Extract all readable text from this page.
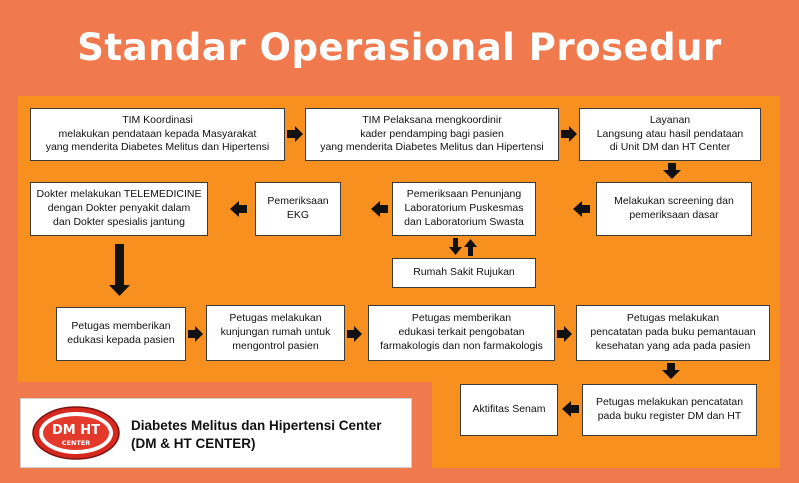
Standar Operasional Prosedur
TIM Koordinasi
melakukan pendataan kepada Masyarakat
yang menderita Diabetes Melitus dan Hipertensi
TIM Pelaksana mengkoordinir
kader pendamping bagi pasien
yang menderita Diabetes Melitus dan Hipertensi
Layanan
Langsung atau hasil pendataan
di Unit DM dan HT Center
Dokter melakukan TELEMEDICINE
dengan Dokter penyakit dalam
dan Dokter spesialis jantung
Pemeriksaan
EKG
Pemeriksaan Penunjang
Laboratorium Puskesmas
dan Laboratorium Swasta
Melakukan screening dan
pemeriksaan dasar
Rumah Sakit Rujukan
Petugas memberikan
edukasi kepada pasien
Petugas melakukan
kunjungan rumah untuk
mengontrol pasien
Petugas memberikan
edukasi terkait pengobatan
farmakologis dan non farmakologis
Petugas melakukan
pencatatan pada buku pemantauan
kesehatan yang ada pada pasien
Aktifitas Senam
Petugas melakukan pencatatan
pada buku register DM dan HT
DM HT
CENTER
Diabetes Melitus dan Hipertensi Center
(DM & HT CENTER)
